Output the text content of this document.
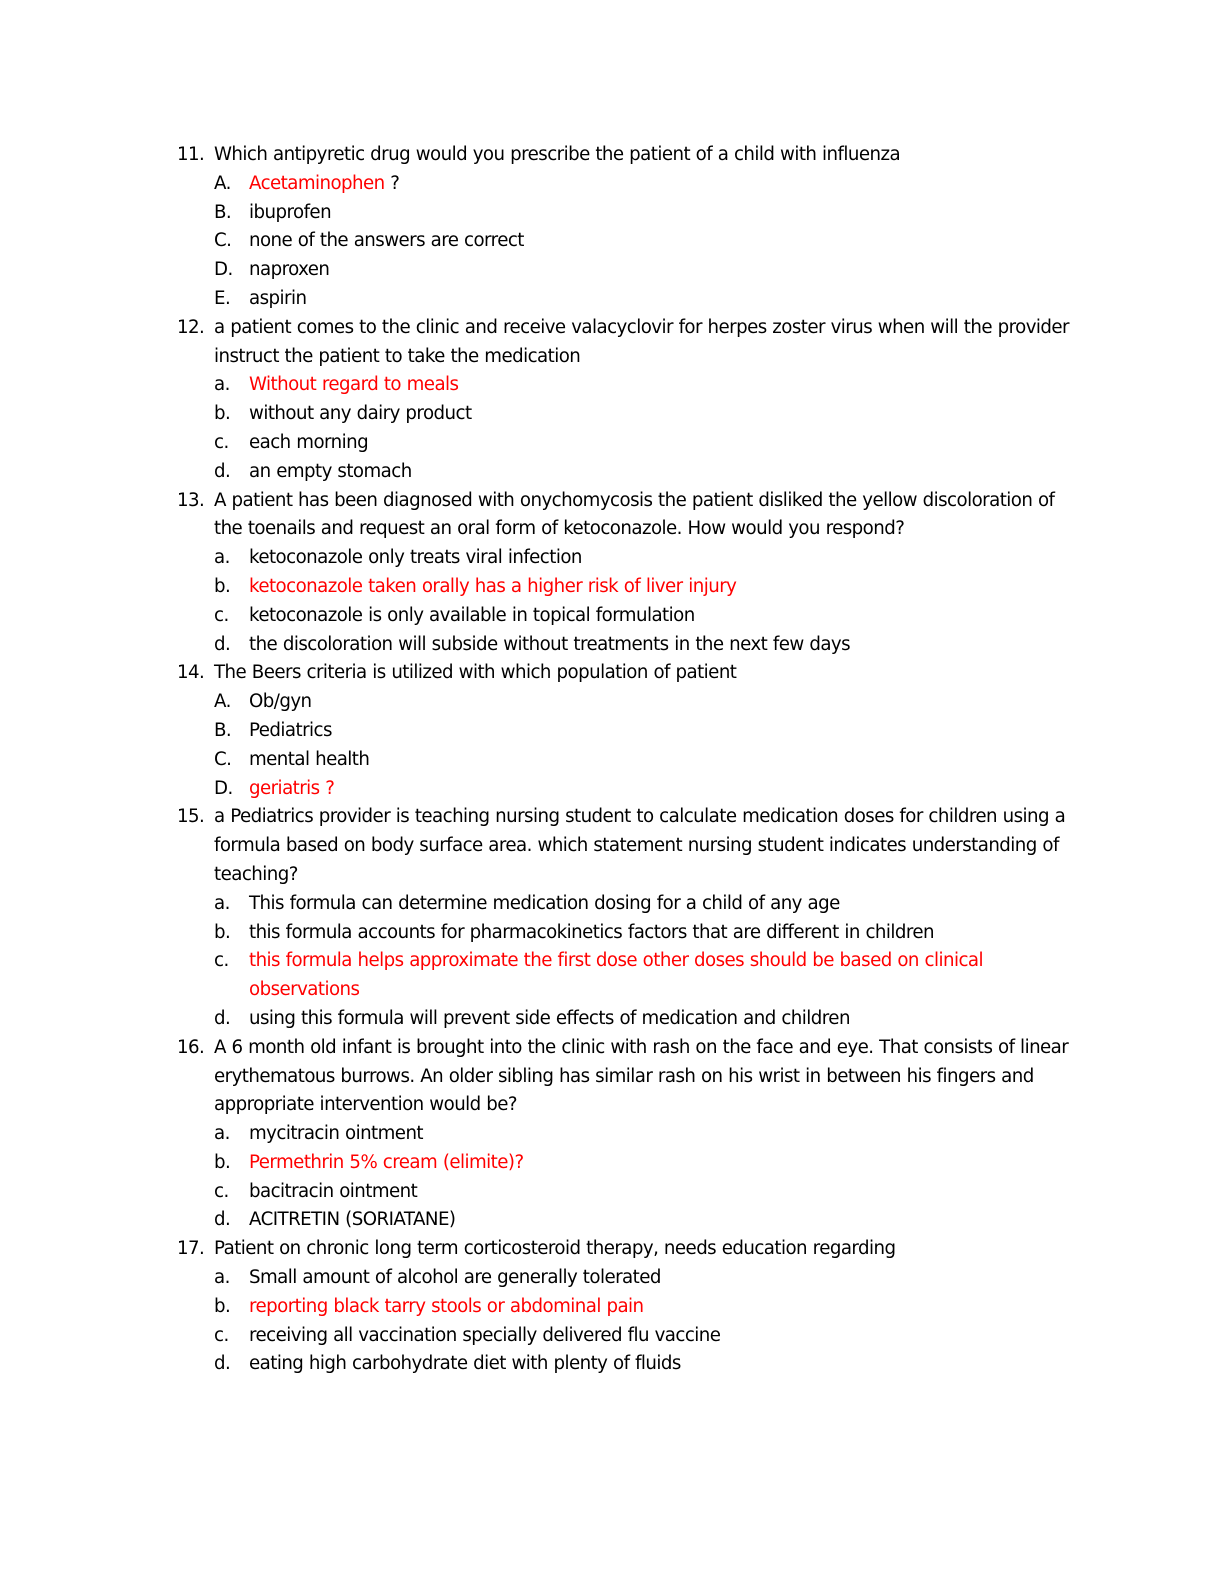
11. Which antipyretic drug would you prescribe the patient of a child with influenza
A. Acetaminophen ?
B. ibuprofen
C. none of the answers are correct
D. naproxen
E. aspirin
12. a patient comes to the clinic and receive valacyclovir for herpes zoster virus when will the provider instruct the patient to take the medication
a. Without regard to meals
b. without any dairy product
c. each morning
d. an empty stomach
13. A patient has been diagnosed with onychomycosis the patient disliked the yellow discoloration of the toenails and request an oral form of ketoconazole. How would you respond?
a. ketoconazole only treats viral infection
b. ketoconazole taken orally has a higher risk of liver injury
c. ketoconazole is only available in topical formulation
d. the discoloration will subside without treatments in the next few days
14. The Beers criteria is utilized with which population of patient
A. Ob/gyn
B. Pediatrics
C. mental health
D. geriatris ?
15. a Pediatrics provider is teaching nursing student to calculate medication doses for children using a formula based on body surface area. which statement nursing student indicates understanding of teaching?
a. This formula can determine medication dosing for a child of any age
b. this formula accounts for pharmacokinetics factors that are different in children
c. this formula helps approximate the first dose other doses should be based on clinical observations
d. using this formula will prevent side effects of medication and children
16. A 6 month old infant is brought into the clinic with rash on the face and eye. That consists of linear erythematous burrows. An older sibling has similar rash on his wrist in between his fingers and appropriate intervention would be?
a. mycitracin ointment
b. Permethrin 5% cream (elimite)?
c. bacitracin ointment
d. ACITRETIN (SORIATANE)
17. Patient on chronic long term corticosteroid therapy, needs education regarding
a. Small amount of alcohol are generally tolerated
b. reporting black tarry stools or abdominal pain
c. receiving all vaccination specially delivered flu vaccine
d. eating high carbohydrate diet with plenty of fluids
